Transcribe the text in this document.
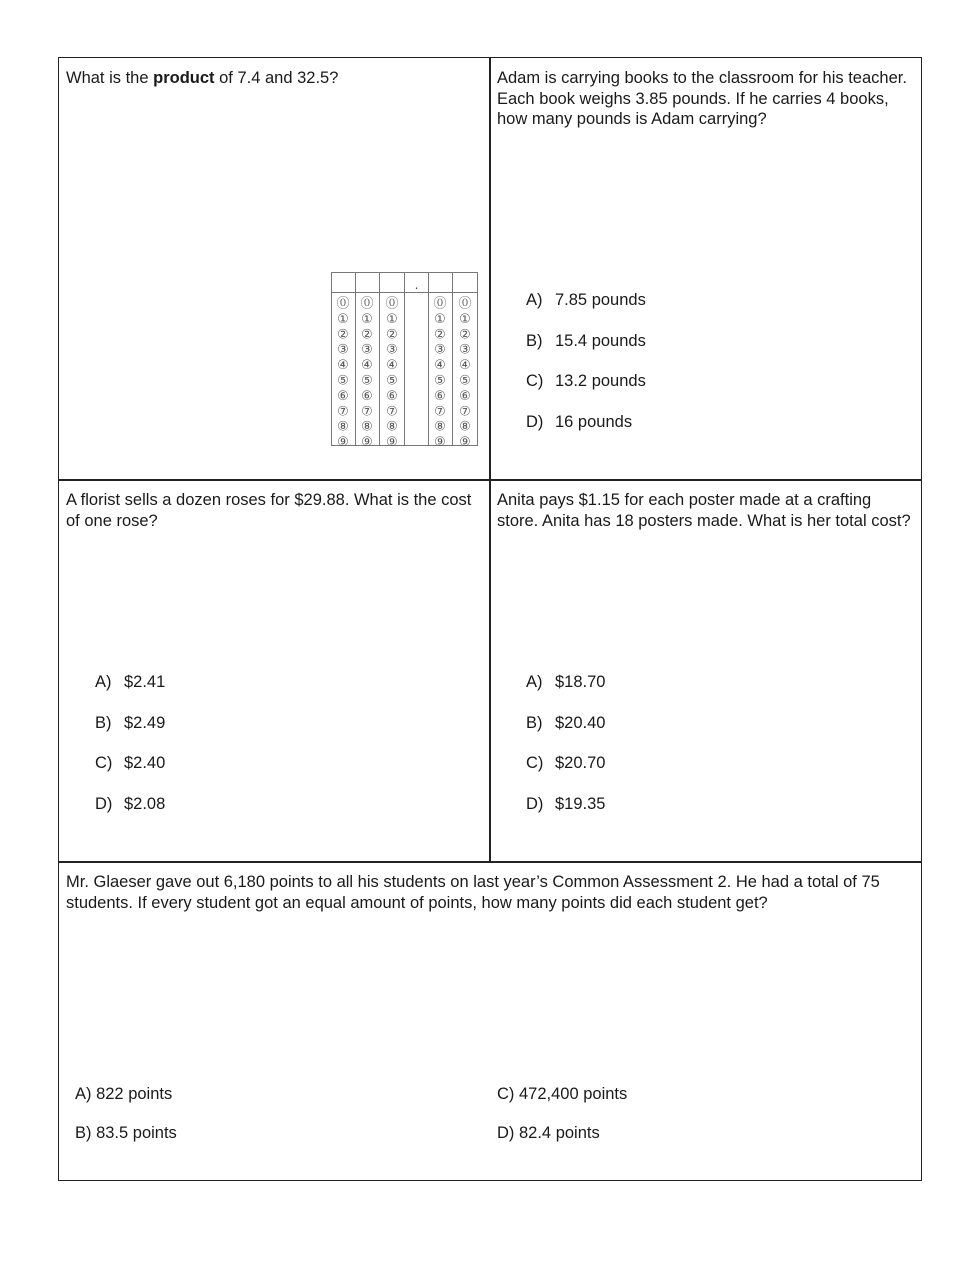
What is the product of 7.4 and 32.5?
.
⓪
①
②
③
④
⑤
⑥
⑦
⑧
⑨
⓪
①
②
③
④
⑤
⑥
⑦
⑧
⑨
⓪
①
②
③
④
⑤
⑥
⑦
⑧
⑨
⓪
①
②
③
④
⑤
⑥
⑦
⑧
⑨
⓪
①
②
③
④
⑤
⑥
⑦
⑧
⑨
Adam is carrying books to the classroom for his teacher. Each book weighs 3.85 pounds. If he carries 4 books, how many pounds is Adam carrying?
A) 7.85 pounds
B) 15.4 pounds
C) 13.2 pounds
D) 16 pounds
A florist sells a dozen roses for $29.88. What is the cost of one rose?
A) $2.41
B) $2.49
C) $2.40
D) $2.08
Anita pays $1.15 for each poster made at a crafting store. Anita has 18 posters made. What is her total cost?
A) $18.70
B) $20.40
C) $20.70
D) $19.35
Mr. Glaeser gave out 6,180 points to all his students on last year’s Common Assessment 2. He had a total of 75 students. If every student got an equal amount of points, how many points did each student get?
A) 822 points
B) 83.5 points
C) 472,400 points
D) 82.4 points
